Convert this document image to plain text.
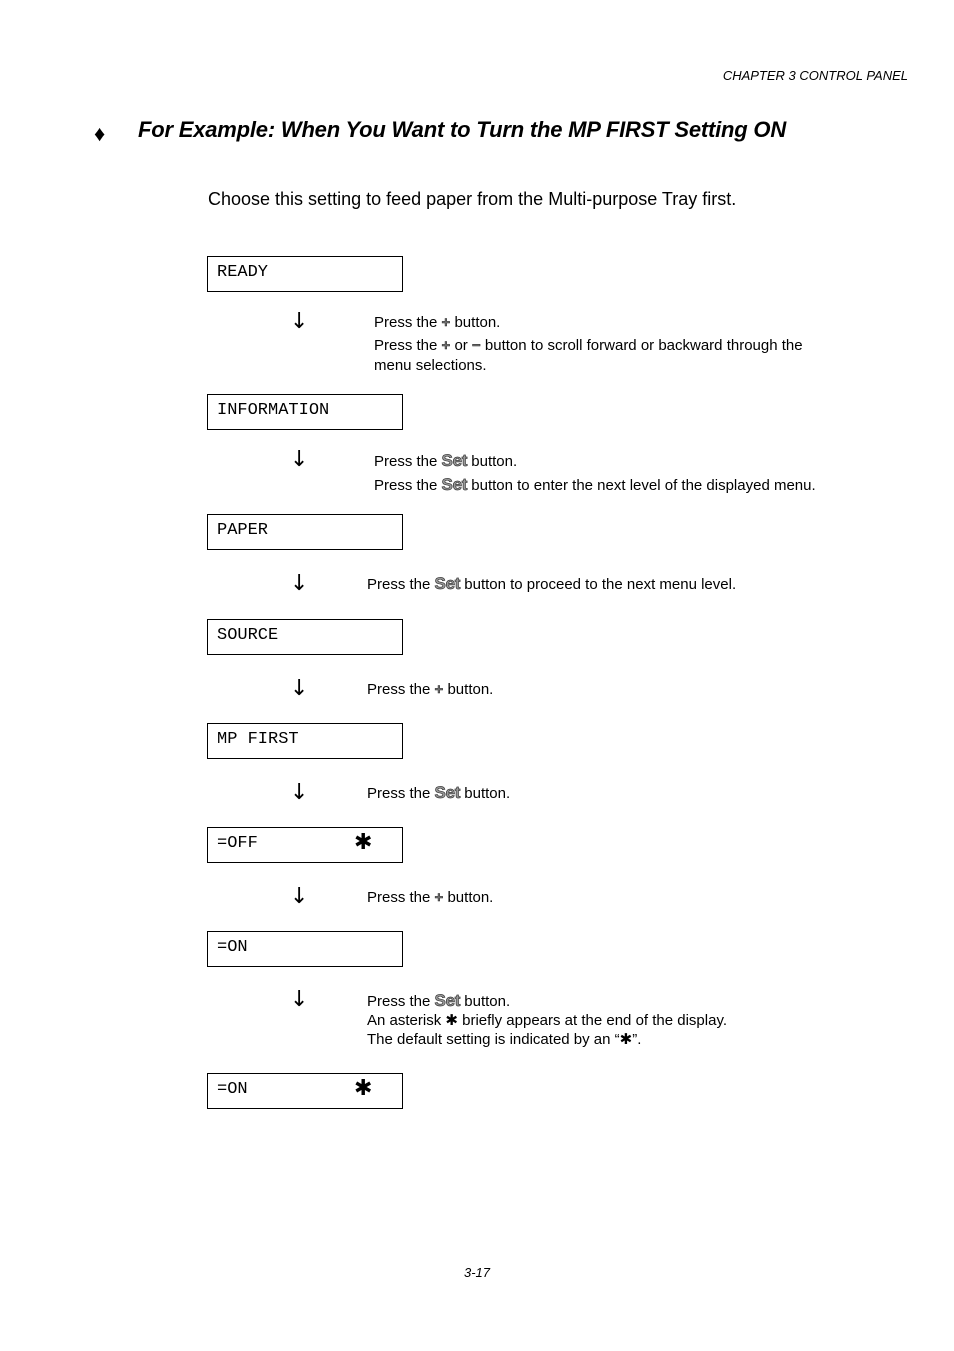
CHAPTER 3 CONTROL PANEL
♦ For Example: When You Want to Turn the MP FIRST Setting ON
Choose this setting to feed paper from the Multi-purpose Tray first.
READY
↓	Press the + button.
Press the + or − button to scroll forward or backward through the
menu selections.
INFORMATION
↓	Press the Set button.
Press the Set button to enter the next level of the displayed menu.
PAPER
↓	Press the Set button to proceed to the next menu level.
SOURCE
↓	Press the + button.
MP FIRST
↓	Press the Set button.
=OFF	✱
↓	Press the + button.
=ON
↓	Press the Set button.
An asterisk ✱ briefly appears at the end of the display.
The default setting is indicated by an “✱”.
=ON	✱
3-17
